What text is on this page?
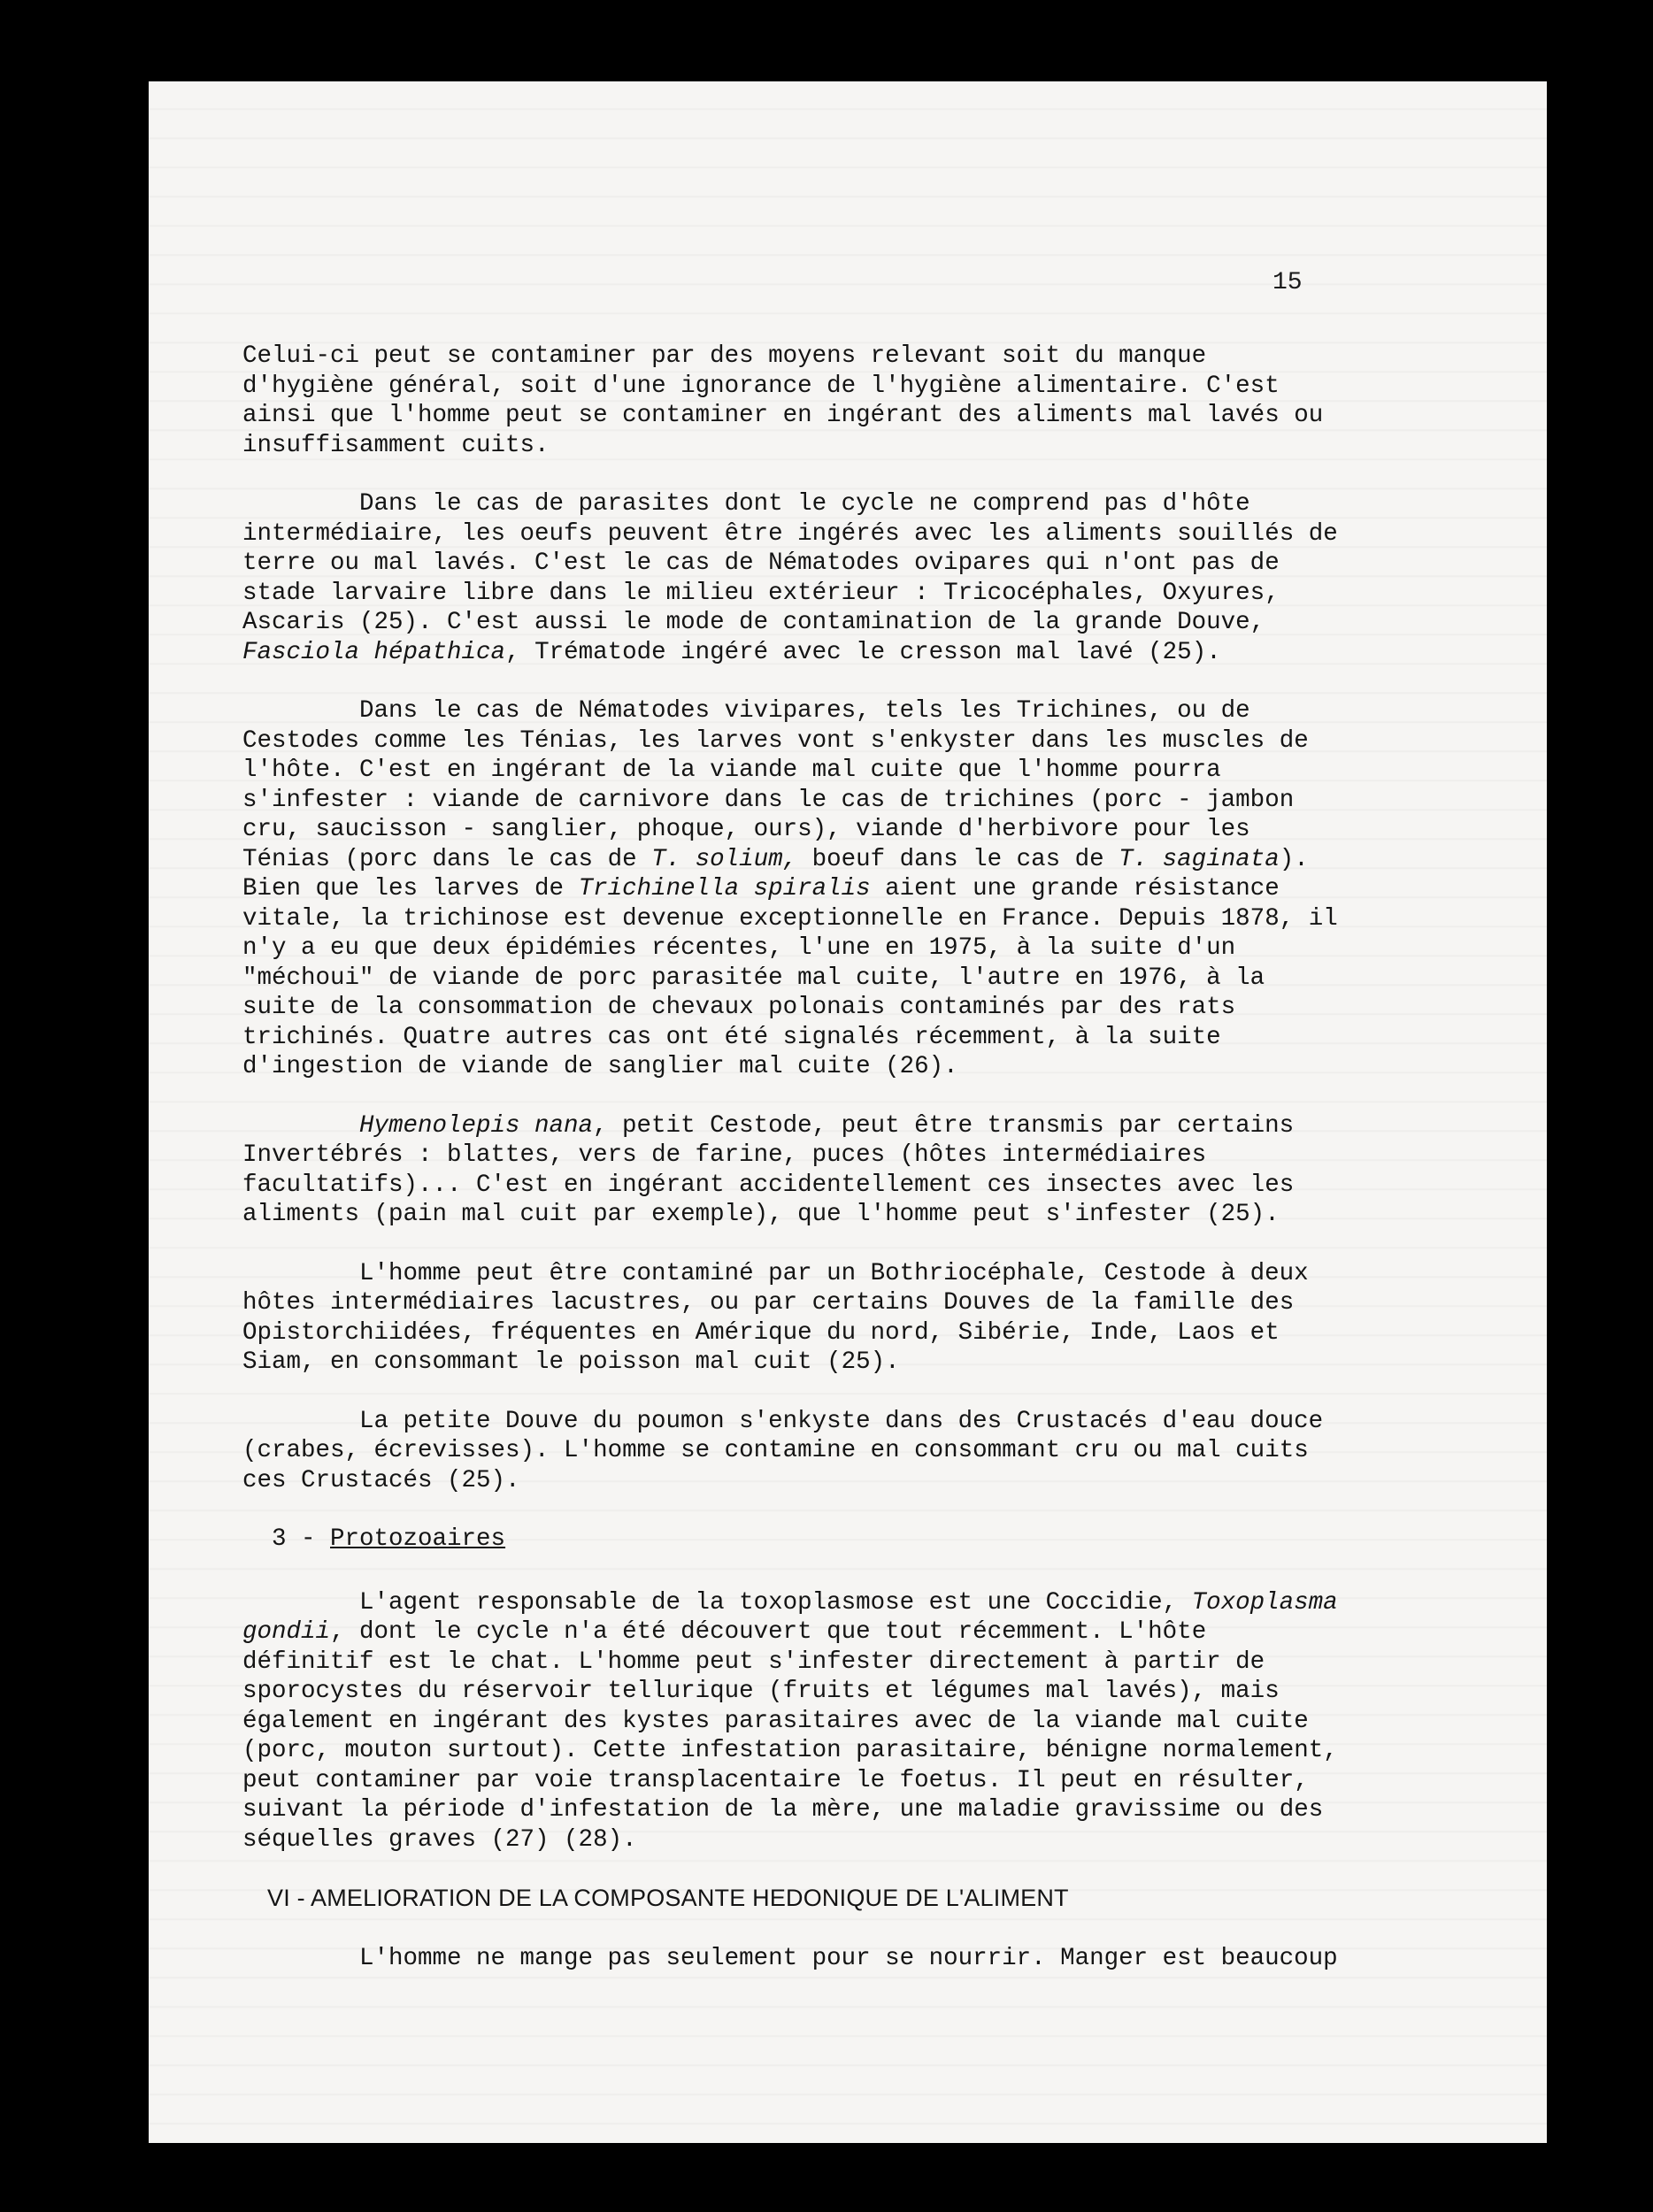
15

Celui-ci peut se contaminer par des moyens relevant soit du manque d'hygiène général, soit d'une ignorance de l'hygiène alimentaire. C'est ainsi que l'homme peut se contaminer en ingérant des aliments mal lavés ou insuffisamment cuits.

Dans le cas de parasites dont le cycle ne comprend pas d'hôte intermédiaire, les oeufs peuvent être ingérés avec les aliments souillés de terre ou mal lavés. C'est le cas de Nématodes ovipares qui n'ont pas de stade larvaire libre dans le milieu extérieur : Tricocéphales, Oxyures, Ascaris (25). C'est aussi le mode de contamination de la grande Douve, Fasciola hépathica, Trématode ingéré avec le cresson mal lavé (25).

Dans le cas de Nématodes vivipares, tels les Trichines, ou de Cestodes comme les Ténias, les larves vont s'enkyster dans les muscles de l'hôte. C'est en ingérant de la viande mal cuite que l'homme pourra s'infester : viande de carnivore dans le cas de trichines (porc - jambon cru, saucisson - sanglier, phoque, ours), viande d'herbivore pour les Ténias (porc dans le cas de T. solium, boeuf dans le cas de T. saginata). Bien que les larves de Trichinella spiralis aient une grande résistance vitale, la trichinose est devenue exceptionnelle en France. Depuis 1878, il n'y a eu que deux épidémies récentes, l'une en 1975, à la suite d'un "méchoui" de viande de porc parasitée mal cuite, l'autre en 1976, à la suite de la consommation de chevaux polonais contaminés par des rats trichinés. Quatre autres cas ont été signalés récemment, à la suite d'ingestion de viande de sanglier mal cuite (26).

Hymenolepis nana, petit Cestode, peut être transmis par certains Invertébrés : blattes, vers de farine, puces (hôtes intermédiaires facultatifs)... C'est en ingérant accidentellement ces insectes avec les aliments (pain mal cuit par exemple), que l'homme peut s'infester (25).

L'homme peut être contaminé par un Bothriocéphale, Cestode à deux hôtes intermédiaires lacustres, ou par certains Douves de la famille des Opistorchiidées, fréquentes en Amérique du nord, Sibérie, Inde, Laos et Siam, en consommant le poisson mal cuit (25).

La petite Douve du poumon s'enkyste dans des Crustacés d'eau douce (crabes, écrevisses). L'homme se contamine en consommant cru ou mal cuits ces Crustacés (25).

3 - Protozoaires

L'agent responsable de la toxoplasmose est une Coccidie, Toxoplasma gondii, dont le cycle n'a été découvert que tout récemment. L'hôte définitif est le chat. L'homme peut s'infester directement à partir de sporocystes du réservoir tellurique (fruits et légumes mal lavés), mais également en ingérant des kystes parasitaires avec de la viande mal cuite (porc, mouton surtout). Cette infestation parasitaire, bénigne normalement, peut contaminer par voie transplacentaire le foetus. Il peut en résulter, suivant la période d'infestation de la mère, une maladie gravissime ou des séquelles graves (27) (28).

VI - AMELIORATION DE LA COMPOSANTE HEDONIQUE DE L'ALIMENT

L'homme ne mange pas seulement pour se nourrir. Manger est beaucoup
